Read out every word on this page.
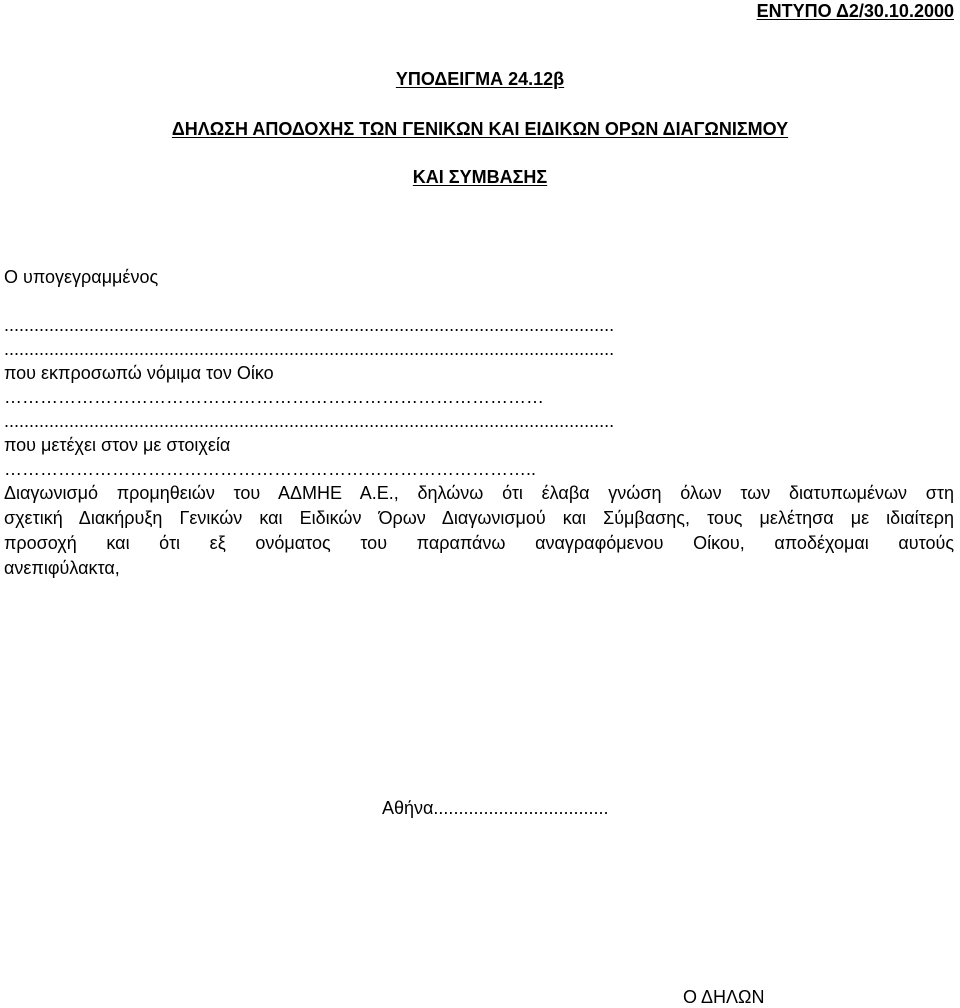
ΕΝΤΥΠΟ Δ2/30.10.2000
ΥΠΟΔΕΙΓΜΑ 24.12β
ΔΗΛΩΣΗ ΑΠΟΔΟΧΗΣ ΤΩΝ ΓΕΝΙΚΩΝ ΚΑΙ ΕΙΔΙΚΩΝ ΟΡΩΝ ΔΙΑΓΩΝΙΣΜΟΥ
ΚΑΙ ΣΥΜΒΑΣΗΣ
Ο υπογεγραμμένος
..........................................................................................................................
..........................................................................................................................
που εκπροσωπώ νόμιμα τον Οίκο
………………………………………………………………………………
..........................................................................................................................
που μετέχει στον με στοιχεία
……………………………………………………………………………..
Διαγωνισμό προμηθειών του ΑΔΜΗΕ Α.Ε., δηλώνω ότι έλαβα γνώση όλων των διατυπωμένων στη
σχετική Διακήρυξη Γενικών και Ειδικών Όρων Διαγωνισμού και Σύμβασης, τους μελέτησα με ιδιαίτερη
προσοχή και ότι εξ ονόματος του παραπάνω αναγραφόμενου Οίκου, αποδέχομαι αυτούς
ανεπιφύλακτα,
Αθήνα...................................
Ο ΔΗΛΩΝ
